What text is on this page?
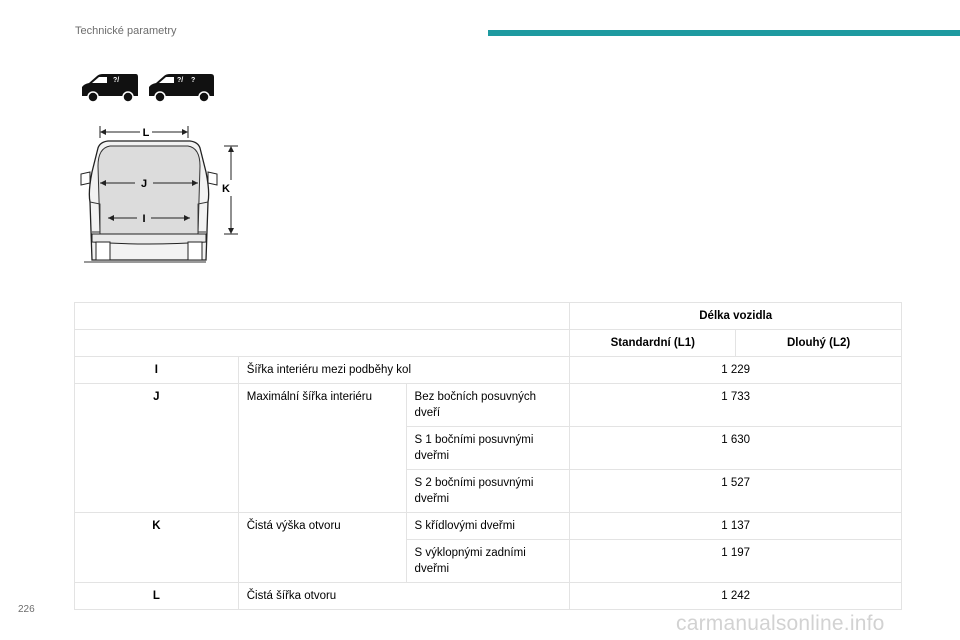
Technické parametry
?/	?/ ?
L
J
I
K
			Délka vozidla	
			Standardní (L1)	Dlouhý (L2)
I	Šířka interiéru mezi podběhy kol		1 229	
J	Maximální šířka interiéru	Bez bočních posuvných dveří	1 733	
		S 1 bočními posuvnými dveřmi	1 630	
		S 2 bočními posuvnými dveřmi	1 527	
K	Čistá výška otvoru	S křídlovými dveřmi	1 137	
		S výklopnými zadními dveřmi	1 197	
L	Čistá šířka otvoru		1 242	
226
carmanualsonline.info
